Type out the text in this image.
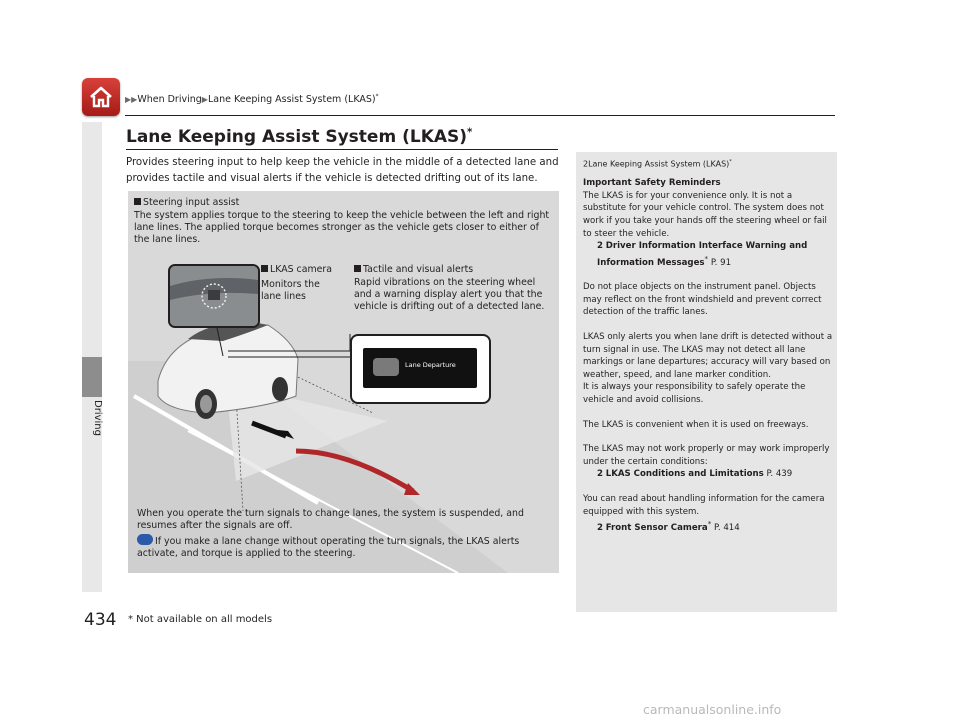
Driving
▶▶When Driving▶Lane Keeping Assist System (LKAS)*
Lane Keeping Assist System (LKAS)*
Provides steering input to help keep the vehicle in the middle of a detected lane and provides tactile and visual alerts if the vehicle is detected drifting out of its lane.
Steering input assist
The system applies torque to the steering to keep the vehicle between the left and right lane lines. The applied torque becomes stronger as the vehicle gets closer to either of the lane lines.
LKAS camera
Monitors the lane lines
Tactile and visual alerts
Rapid vibrations on the steering wheel and a warning display alert you that the vehicle is drifting out of a detected lane.
When you operate the turn signals to change lanes, the system is suspended, and resumes after the signals are off.
If you make a lane change without operating the turn signals, the LKAS alerts activate, and torque is applied to the steering.
Lane Departure

2Lane Keeping Assist System (LKAS)*

Important Safety Reminders

The LKAS is for your convenience only. It is not a substitute for your vehicle control. The system does not work if you take your hands off the steering wheel or fail to steer the vehicle.

2 Driver Information Interface Warning and Information Messages* P. 91

Do not place objects on the instrument panel. Objects may reflect on the front windshield and prevent correct detection of the traffic lanes.

LKAS only alerts you when lane drift is detected without a turn signal in use. The LKAS may not detect all lane markings or lane departures; accuracy will vary based on weather, speed, and lane marker condition.

It is always your responsibility to safely operate the vehicle and avoid collisions.

The LKAS is convenient when it is used on freeways.

The LKAS may not work properly or may work improperly under the certain conditions:

2 LKAS Conditions and Limitations P. 439

You can read about handling information for the camera equipped with this system.

2 Front Sensor Camera* P. 414

434 * Not available on all models
carmanualsonline.info
